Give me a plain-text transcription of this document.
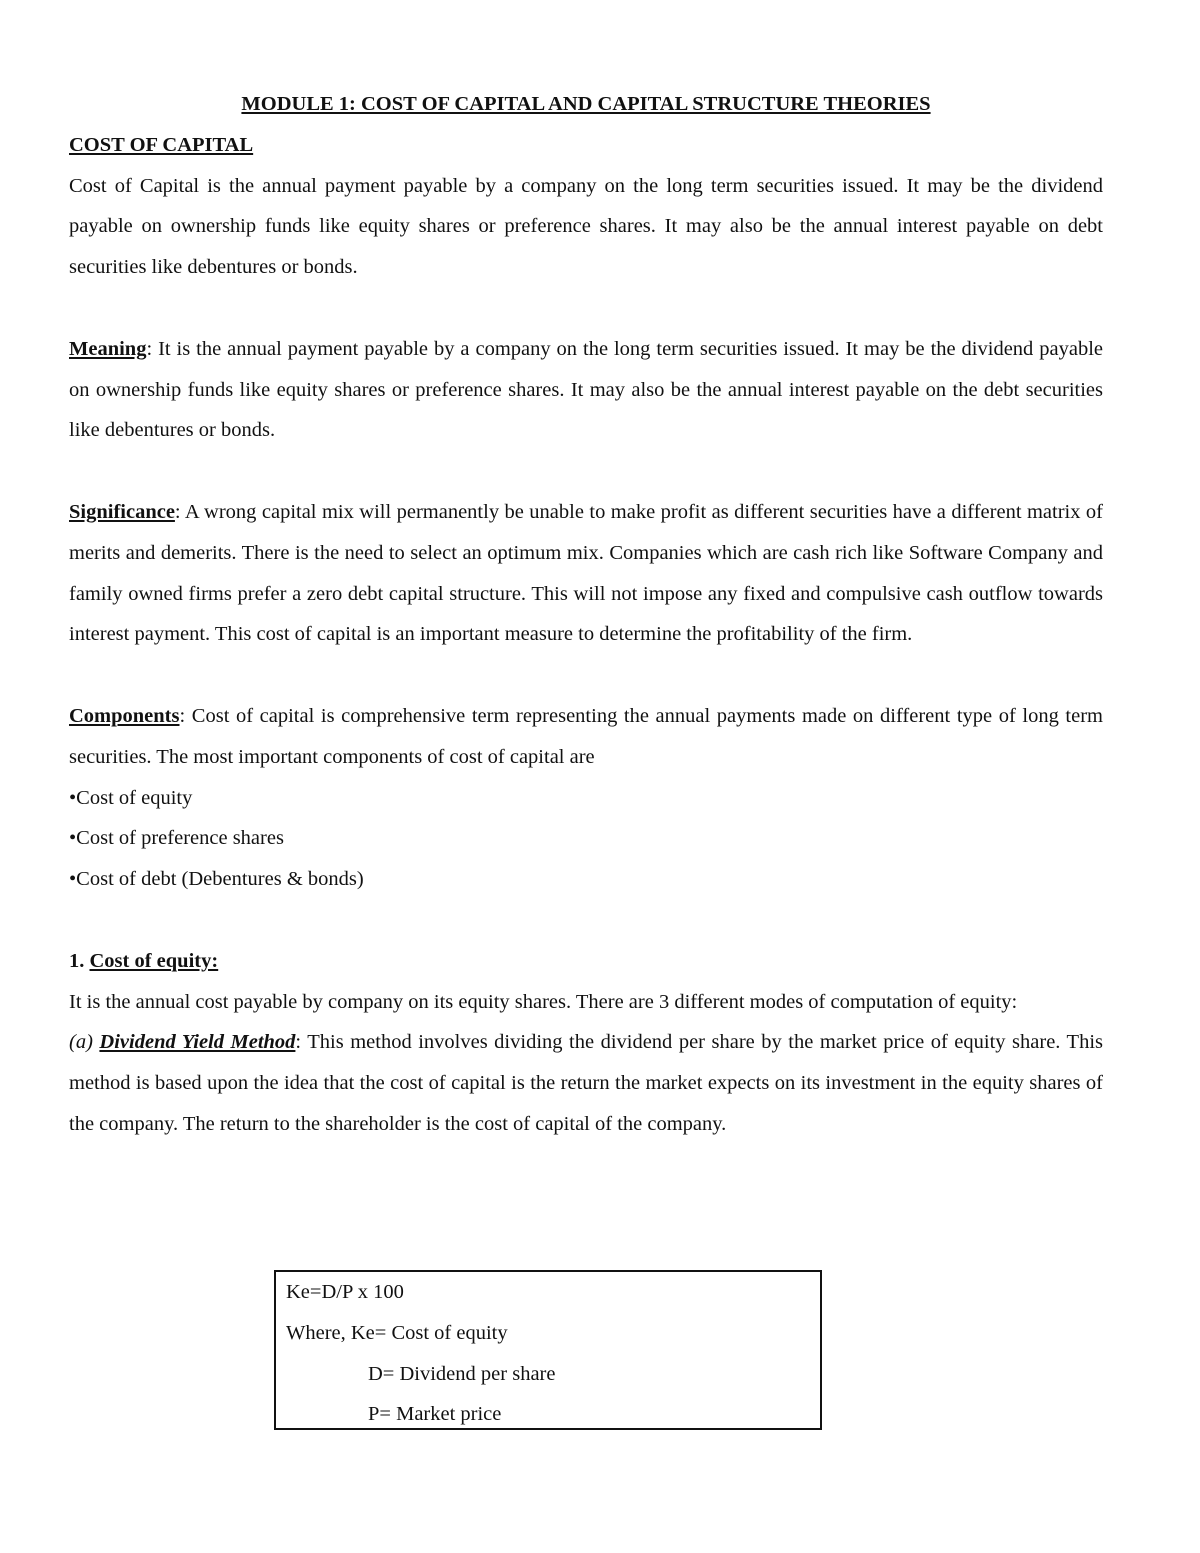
MODULE 1: COST OF CAPITAL AND CAPITAL STRUCTURE THEORIES
COST OF CAPITAL

Cost of Capital is the annual payment payable by a company on the long term securities issued. It may be the dividend payable on ownership funds like equity shares or preference shares. It may also be the annual interest payable on debt securities like debentures or bonds.

Meaning: It is the annual payment payable by a company on the long term securities issued. It may be the dividend payable on ownership funds like equity shares or preference shares. It may also be the annual interest payable on the debt securities like debentures or bonds.

Significance: A wrong capital mix will permanently be unable to make profit as different securities have a different matrix of merits and demerits. There is the need to select an optimum mix. Companies which are cash rich like Software Company and family owned firms prefer a zero debt capital structure. This will not impose any fixed and compulsive cash outflow towards interest payment. This cost of capital is an important measure to determine the profitability of the firm.

Components: Cost of capital is comprehensive term representing the annual payments made on different type of long term securities. The most important components of cost of capital are

•Cost of equity
•Cost of preference shares
•Cost of debt (Debentures & bonds)
1. Cost of equity:

It is the annual cost payable by company on its equity shares. There are 3 different modes of computation of equity:

(a) Dividend Yield Method: This method involves dividing the dividend per share by the market price of equity share. This method is based upon the idea that the cost of capital is the return the market expects on its investment in the equity shares of the company. The return to the shareholder is the cost of capital of the company.

Ke=D/P x 100
Where, Ke= Cost of equity
D= Dividend per share
P= Market price
